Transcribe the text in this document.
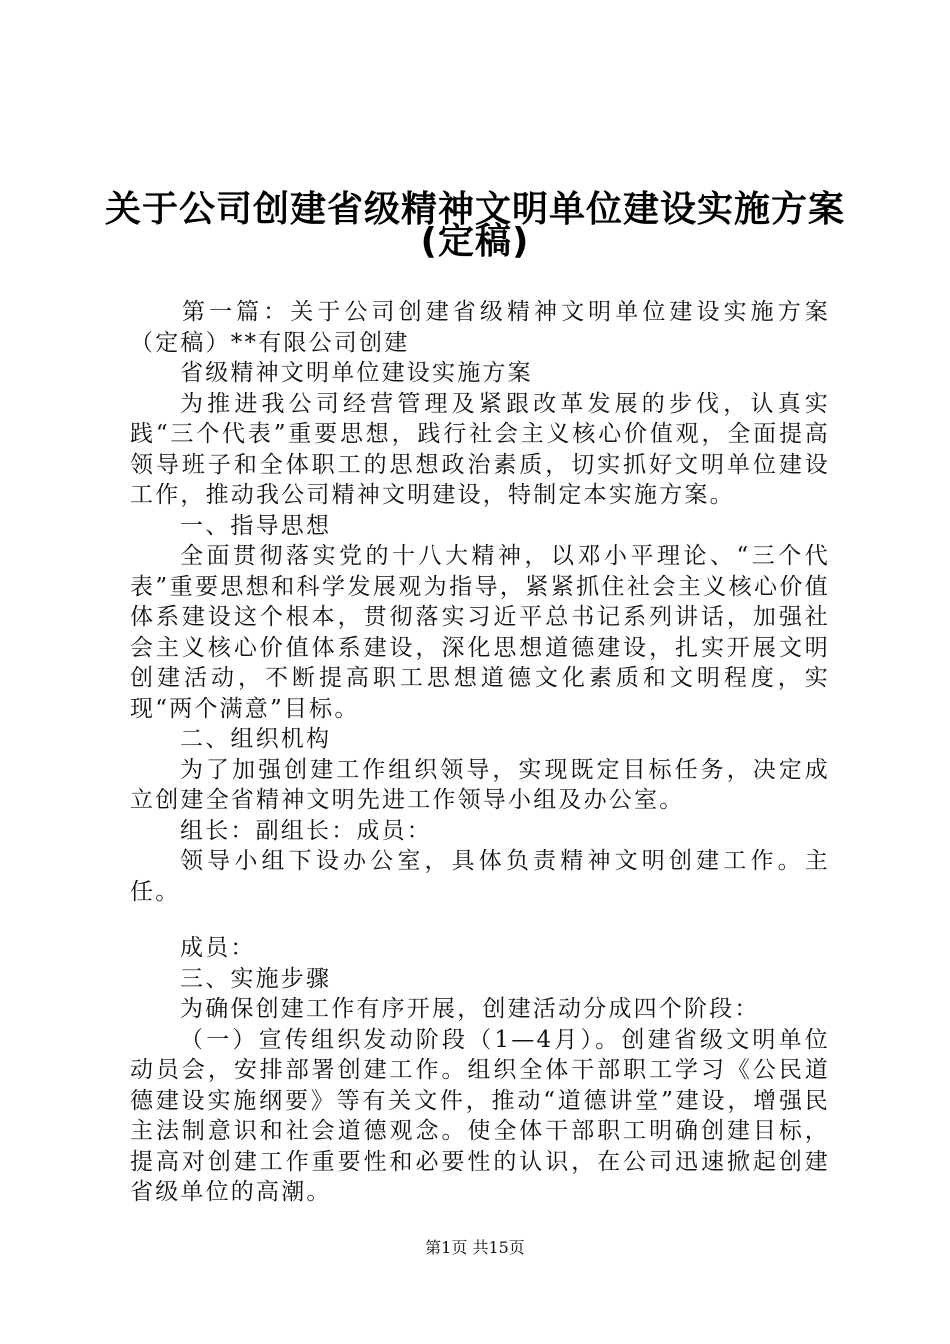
关于公司创建省级精神文明单位建设实施方案
(定稿)

第一篇：关于公司创建省级精神文明单位建设实施方案（定稿）**有限公司创建

省级精神文明单位建设实施方案

为推进我公司经营管理及紧跟改革发展的步伐，认真实践“三个代表”重要思想，践行社会主义核心价值观，全面提高领导班子和全体职工的思想政治素质，切实抓好文明单位建设工作，推动我公司精神文明建设，特制定本实施方案。

一、指导思想

全面贯彻落实党的十八大精神，以邓小平理论、“三个代表”重要思想和科学发展观为指导，紧紧抓住社会主义核心价值体系建设这个根本，贯彻落实习近平总书记系列讲话，加强社会主义核心价值体系建设，深化思想道德建设，扎实开展文明创建活动，不断提高职工思想道德文化素质和文明程度，实现“两个满意”目标。

二、组织机构

为了加强创建工作组织领导，实现既定目标任务，决定成立创建全省精神文明先进工作领导小组及办公室。

组长：副组长：成员：

领导小组下设办公室，具体负责精神文明创建工作。主任。

成员：

三、实施步骤

为确保创建工作有序开展，创建活动分成四个阶段：

（一）宣传组织发动阶段（1—4月）。创建省级文明单位动员会，安排部署创建工作。组织全体干部职工学习《公民道德建设实施纲要》等有关文件，推动“道德讲堂”建设，增强民主法制意识和社会道德观念。使全体干部职工明确创建目标，提高对创建工作重要性和必要性的认识，在公司迅速掀起创建省级单位的高潮。

第1页 共15页
